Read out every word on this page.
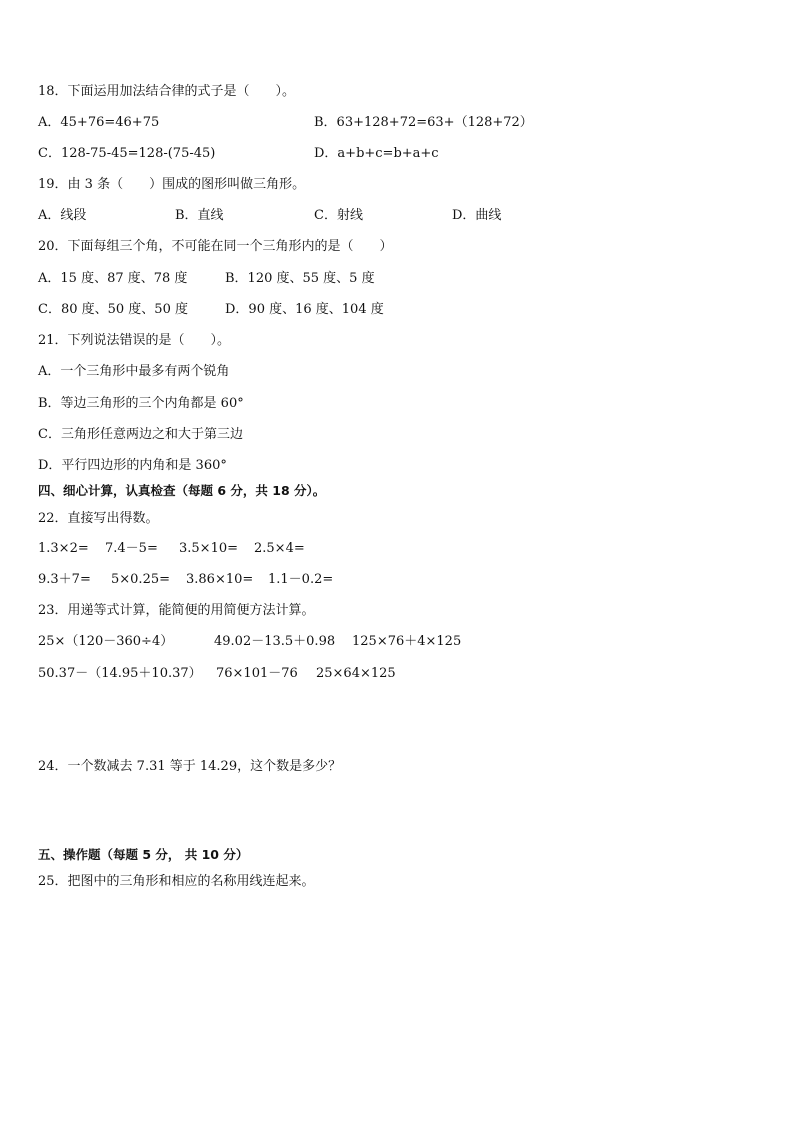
18．下面运用加法结合律的式子是（　　）。
A．45+76=46+75	B．63+128+72=63+（128+72）
C．128-75-45=128-(75-45)	D．a+b+c=b+a+c
19．由 3 条（　　）围成的图形叫做三角形。
A．线段	B．直线	C．射线	D．曲线
20．下面每组三个角，不可能在同一个三角形内的是（　　）
A．15 度、87 度、78 度	B．120 度、55 度、5 度
C．80 度、50 度、50 度	D．90 度、16 度、104 度
21．下列说法错误的是（　　）。
A．一个三角形中最多有两个锐角
B．等边三角形的三个内角都是 60°
C．三角形任意两边之和大于第三边
D．平行四边形的内角和是 360°
四、细心计算，认真检查（每题 6 分，共 18 分）。
22．直接写出得数。
1.3×2= 7.4－5= 3.5×10= 2.5×4=
9.3＋7= 5×0.25= 3.86×10= 1.1－0.2=
23．用递等式计算，能简便的用简便方法计算。
25×（120－360÷4）	49.02－13.5＋0.98 125×76＋4×125
50.37－（14.95＋10.37） 76×101－76 25×64×125
24．一个数减去 7.31 等于 14.29，这个数是多少？
五、操作题（每题 5 分， 共 10 分）
25．把图中的三角形和相应的名称用线连起来。
